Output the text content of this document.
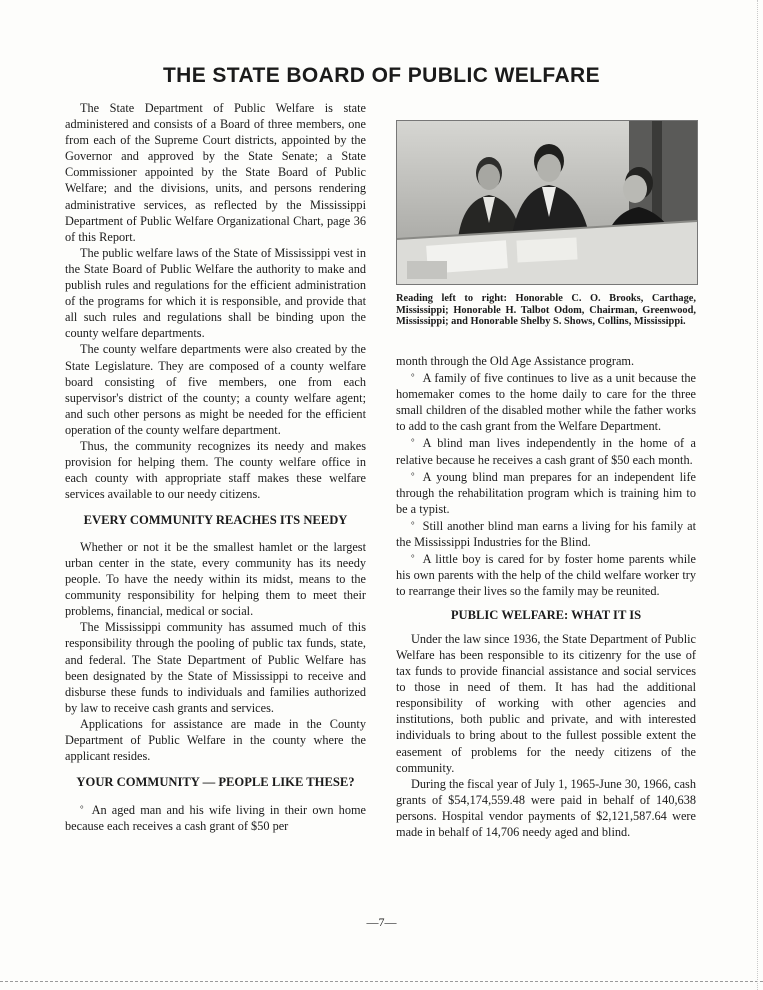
THE STATE BOARD OF PUBLIC WELFARE

The State Department of Public Welfare is state administered and consists of a Board of three members, one from each of the Supreme Court districts, appointed by the Governor and approved by the State Senate; a State Commissioner appointed by the State Board of Public Welfare; and the divisions, units, and persons rendering administrative services, as reflected by the Mississippi Department of Public Welfare Organizational Chart, page 36 of this Report.

The public welfare laws of the State of Mississippi vest in the State Board of Public Welfare the authority to make and publish rules and regulations for the efficient administration of the programs for which it is responsible, and provide that all such rules and regulations shall be binding upon the county welfare departments.

The county welfare departments were also created by the State Legislature. They are composed of a county welfare board consisting of five members, one from each supervisor's district of the county; a county welfare agent; and such other persons as might be needed for the efficient operation of the county welfare department.

Thus, the community recognizes its needy and makes provision for helping them. The county welfare office in each county with appropriate staff makes these welfare services available to our needy citizens.

EVERY COMMUNITY REACHES ITS NEEDY

Whether or not it be the smallest hamlet or the largest urban center in the state, every community has its needy people. To have the needy within its midst, means to the community responsibility for helping them to meet their problems, financial, medical or social.

The Mississippi community has assumed much of this responsibility through the pooling of public tax funds, state, and federal. The State Department of Public Welfare has been designated by the State of Mississippi to receive and disburse these funds to individuals and families authorized by law to receive cash grants and services.

Applications for assistance are made in the County Department of Public Welfare in the county where the applicant resides.

YOUR COMMUNITY — PEOPLE LIKE THESE?

° An aged man and his wife living in their own home because each receives a cash grant of $50 per

Reading left to right: Honorable C. O. Brooks, Carthage, Mississippi; Honorable H. Talbot Odom, Chairman, Greenwood, Mississippi; and Honorable Shelby S. Shows, Collins, Mississippi.

month through the Old Age Assistance program.

° A family of five continues to live as a unit because the homemaker comes to the home daily to care for the three small children of the disabled mother while the father works to add to the cash grant from the Welfare Department.

° A blind man lives independently in the home of a relative because he receives a cash grant of $50 each month.

° A young blind man prepares for an independent life through the rehabilitation program which is training him to be a typist.

° Still another blind man earns a living for his family at the Mississippi Industries for the Blind.

° A little boy is cared for by foster home parents while his own parents with the help of the child welfare worker try to rearrange their lives so the family may be reunited.

PUBLIC WELFARE: WHAT IT IS

Under the law since 1936, the State Department of Public Welfare has been responsible to its citizenry for the use of tax funds to provide financial assistance and social services to those in need of them. It has had the additional responsibility of working with other agencies and institutions, both public and private, and with interested individuals to bring about to the fullest possible extent the easement of problems for the needy citizens of the community.

During the fiscal year of July 1, 1965-June 30, 1966, cash grants of $54,174,559.48 were paid in behalf of 140,638 persons. Hospital vendor payments of $2,121,587.64 were made in behalf of 14,706 needy aged and blind.

—7—
